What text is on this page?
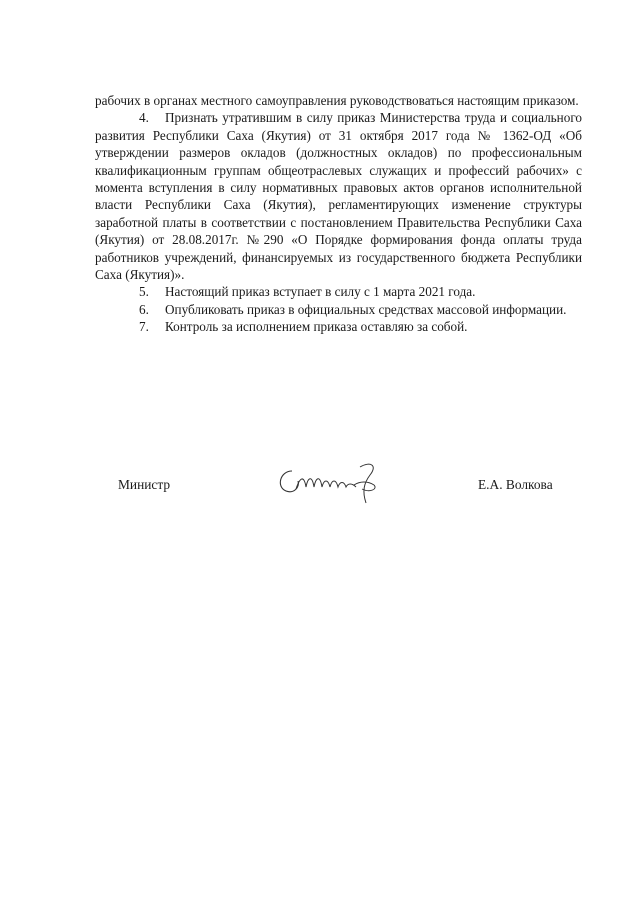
рабочих в органах местного самоуправления руководствоваться настоящим приказом.

4. Признать утратившим в силу приказ Министерства труда и социального развития Республики Саха (Якутия) от 31 октября 2017 года № 1362-ОД «Об утверждении размеров окладов (должностных окладов) по профессиональным квалификационным группам общеотраслевых служащих и профессий рабочих» с момента вступления в силу нормативных правовых актов органов исполнительной власти Республики Саха (Якутия), регламентирующих изменение структуры заработной платы в соответствии с постановлением Правительства Республики Саха (Якутия) от 28.08.2017г. №290 «О Порядке формирования фонда оплаты труда работников учреждений, финансируемых из государственного бюджета Республики Саха (Якутия)».

5. Настоящий приказ вступает в силу с 1 марта 2021 года.

6. Опубликовать приказ в официальных средствах массовой информации.

7. Контроль за исполнением приказа оставляю за собой.

Министр	Е.А. Волкова
